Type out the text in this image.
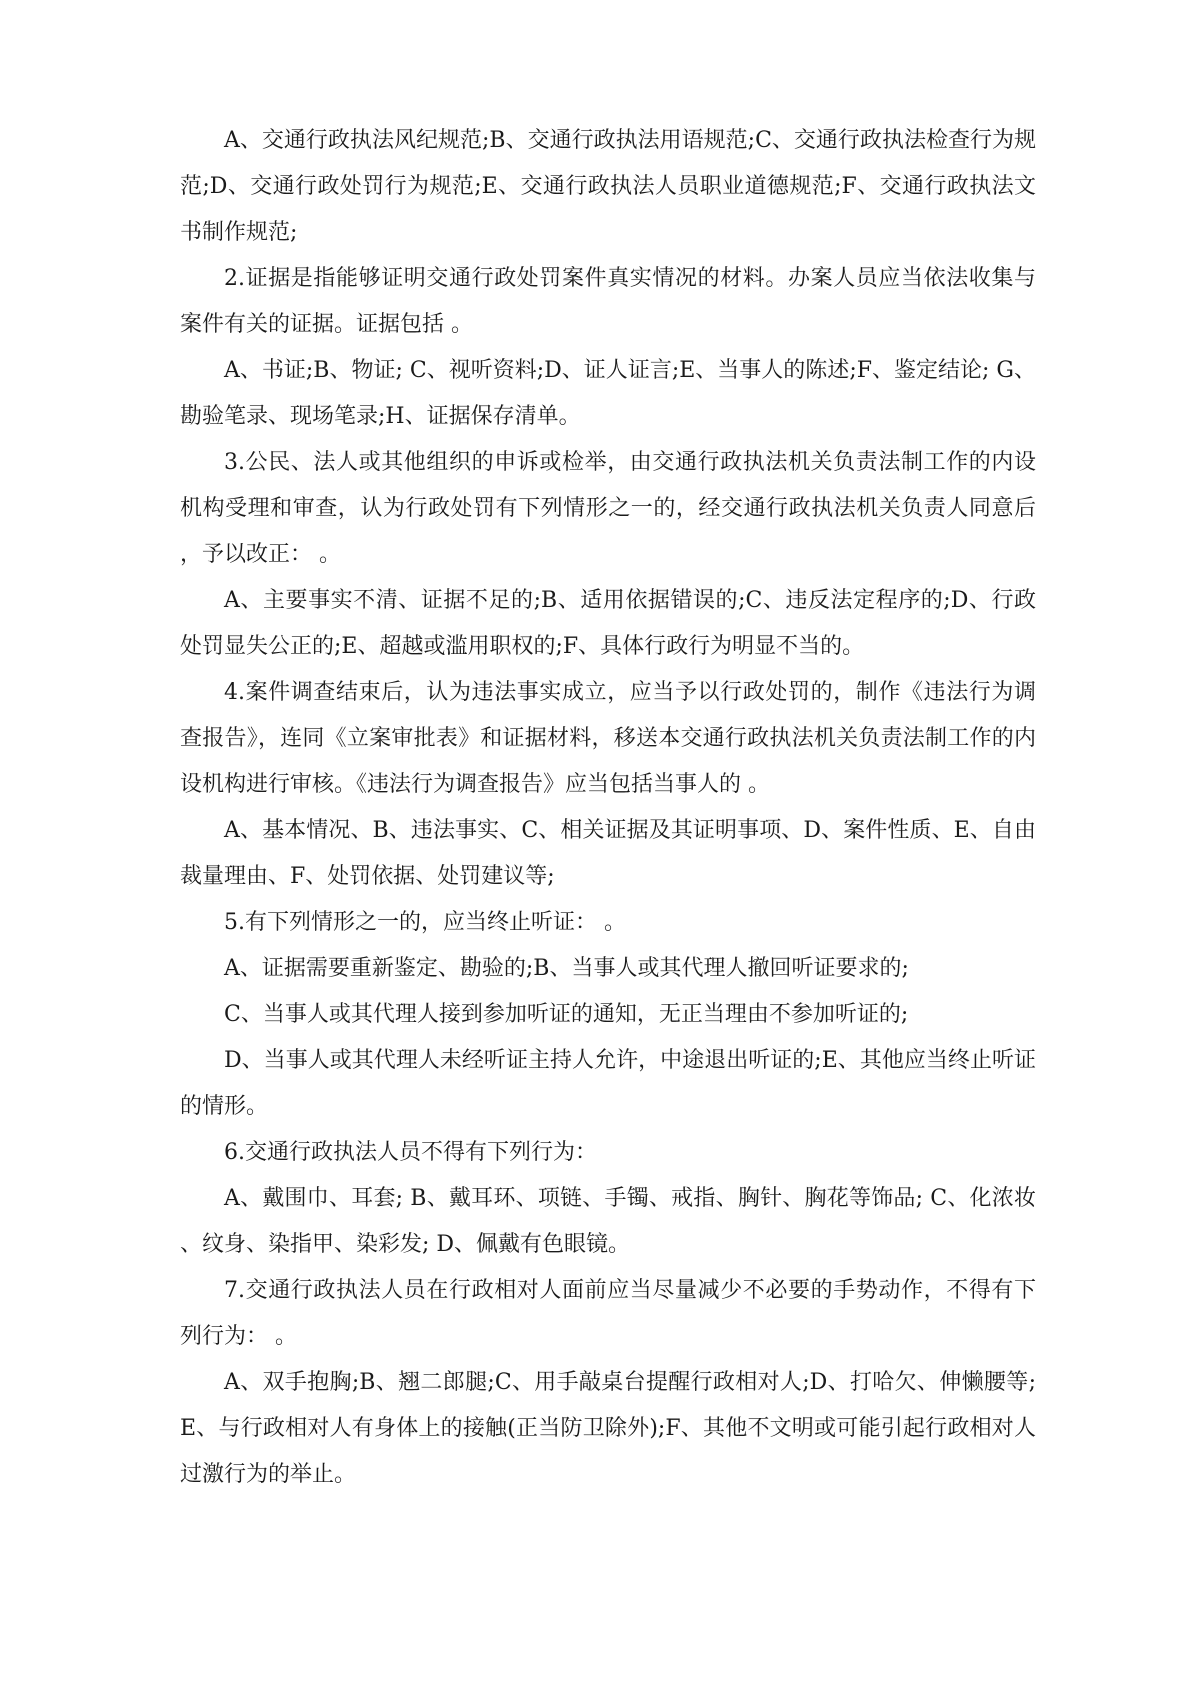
A、交通行政执法风纪规范;B、交通行政执法用语规范;C、交通行政执法检查行为规范;D、交通行政处罚行为规范;E、交通行政执法人员职业道德规范;F、交通行政执法文书制作规范;

2.证据是指能够证明交通行政处罚案件真实情况的材料。办案人员应当依法收集与案件有关的证据。证据包括 。

A、书证;B、物证; C、视听资料;D、证人证言;E、当事人的陈述;F、鉴定结论; G、勘验笔录、现场笔录;H、证据保存清单。

3.公民、法人或其他组织的申诉或检举，由交通行政执法机关负责法制工作的内设机构受理和审查，认为行政处罚有下列情形之一的，经交通行政执法机关负责人同意后，予以改正： 。

A、主要事实不清、证据不足的;B、适用依据错误的;C、违反法定程序的;D、行政处罚显失公正的;E、超越或滥用职权的;F、具体行政行为明显不当的。

4.案件调查结束后，认为违法事实成立，应当予以行政处罚的，制作《违法行为调查报告》，连同《立案审批表》和证据材料，移送本交通行政执法机关负责法制工作的内设机构进行审核。《违法行为调查报告》应当包括当事人的 。

A、基本情况、B、违法事实、C、相关证据及其证明事项、D、案件性质、E、自由裁量理由、F、处罚依据、处罚建议等;

5.有下列情形之一的，应当终止听证： 。

A、证据需要重新鉴定、勘验的;B、当事人或其代理人撤回听证要求的;

C、当事人或其代理人接到参加听证的通知，无正当理由不参加听证的;

D、当事人或其代理人未经听证主持人允许，中途退出听证的;E、其他应当终止听证的情形。

6.交通行政执法人员不得有下列行为：

A、戴围巾、耳套; B、戴耳环、项链、手镯、戒指、胸针、胸花等饰品; C、化浓妆、纹身、染指甲、染彩发; D、佩戴有色眼镜。

7.交通行政执法人员在行政相对人面前应当尽量减少不必要的手势动作，不得有下列行为： 。

A、双手抱胸;B、翘二郎腿;C、用手敲桌台提醒行政相对人;D、打哈欠、伸懒腰等;E、与行政相对人有身体上的接触(正当防卫除外);F、其他不文明或可能引起行政相对人过激行为的举止。
